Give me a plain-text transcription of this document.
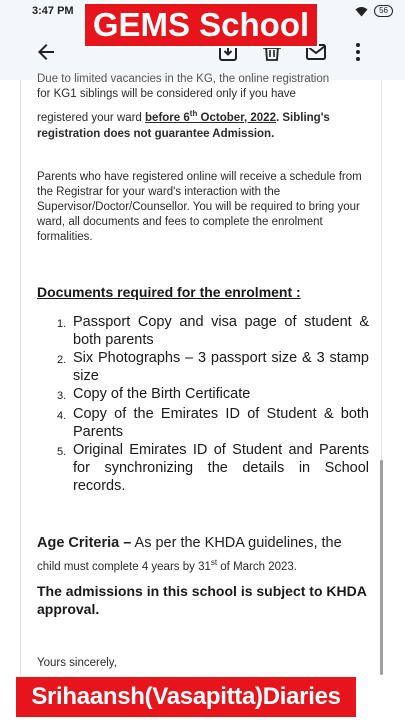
3:47 PM	56
Due to limited vacancies in the KG, the online registration
for KG1 siblings will be considered only if you have
registered your ward before 6th October, 2022. Sibling's
registration does not guarantee Admission.
Parents who have registered online will receive a schedule from the Registrar for your ward's interaction with the Supervisor/Doctor/Counsellor. You will be required to bring your ward, all documents and fees to complete the enrolment formalities.
Documents required for the enrolment :
1. Passport Copy and visa page of student & both parents
2. Six Photographs – 3 passport size & 3 stamp size
3. Copy of the Birth Certificate
4. Copy of the Emirates ID of Student & both Parents
5. Original Emirates ID of Student and Parents for synchronizing the details in School records.
Age Criteria – As per the KHDA guidelines, the
child must complete 4 years by 31st of March 2023.
The admissions in this school is subject to KHDA approval.
Yours sincerely,
GEMS School
Srihaansh(Vasapitta)Diaries
